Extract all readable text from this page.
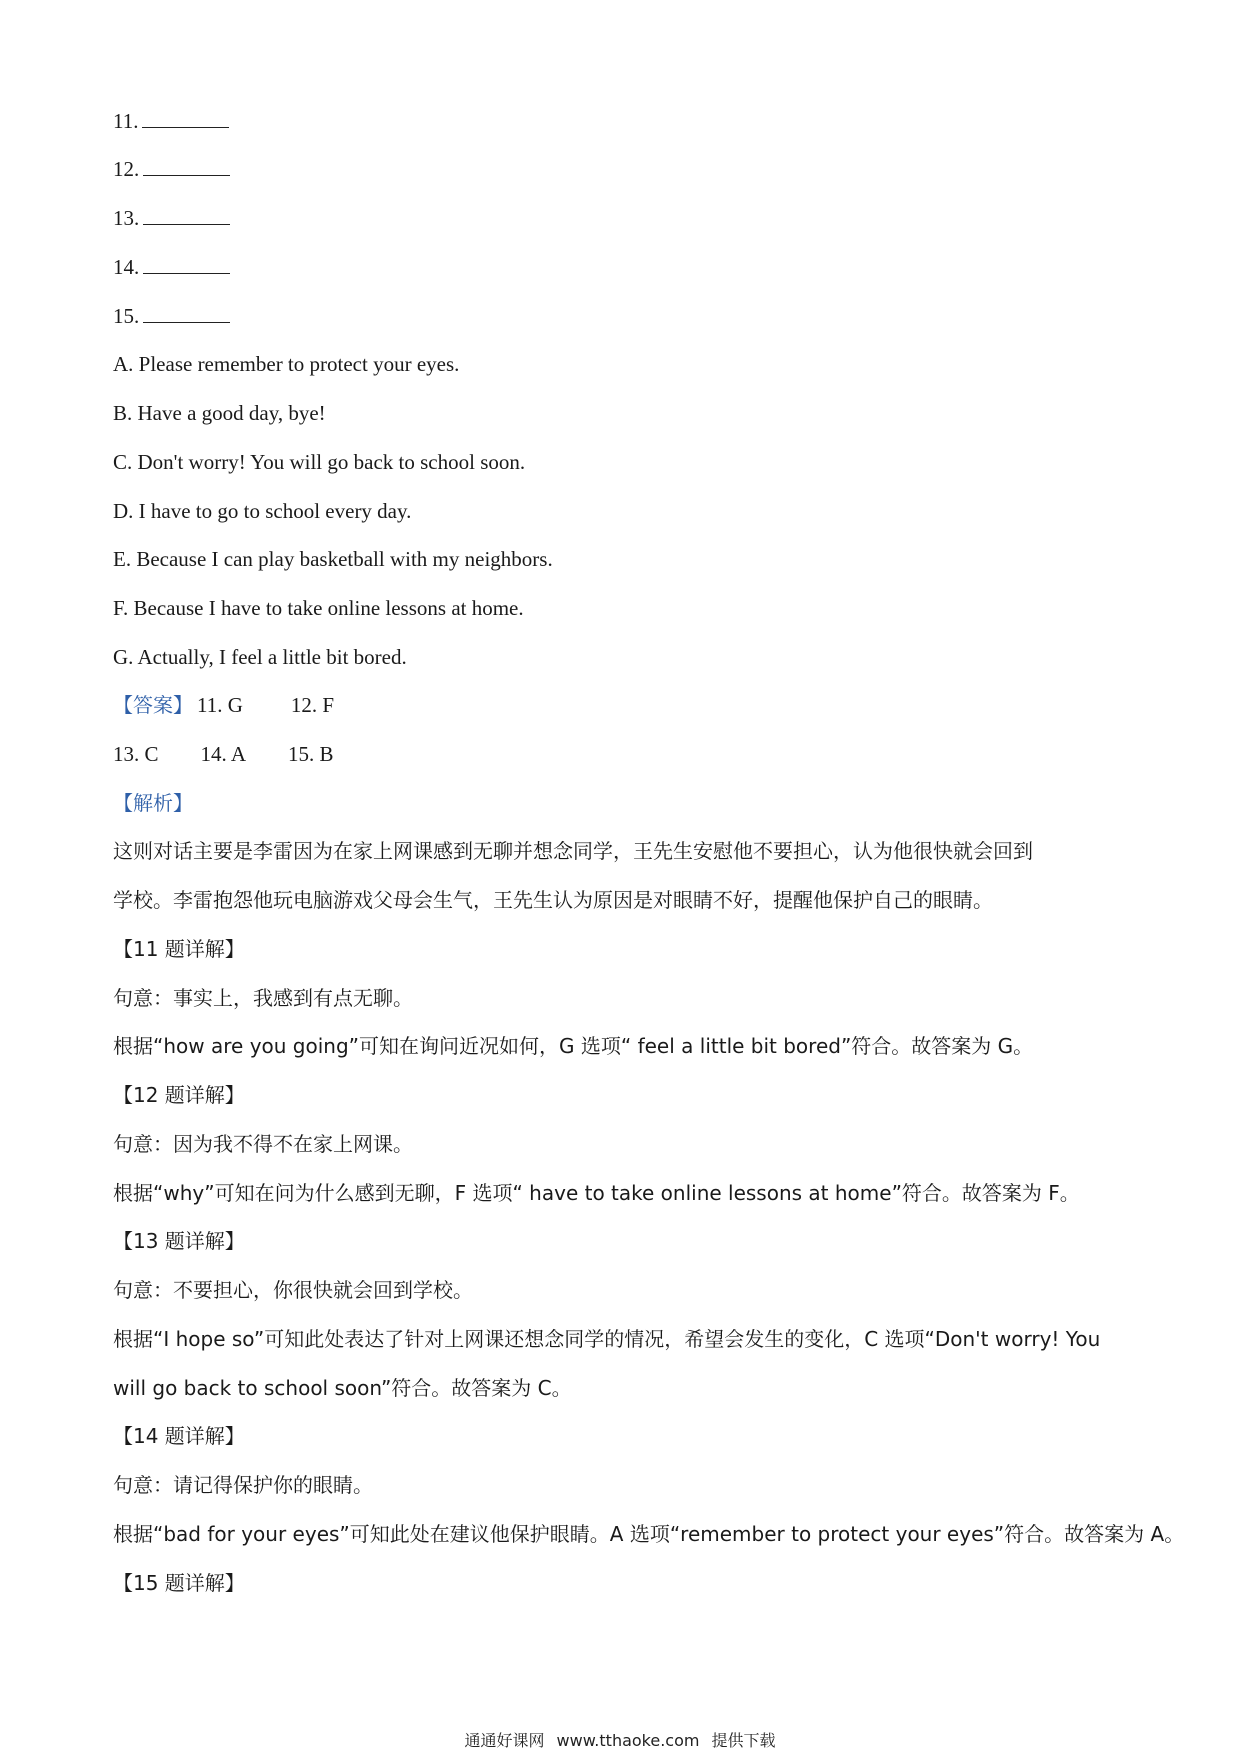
11.
12.
13.
14.
15.
A. Please remember to protect your eyes.
B. Have a good day, bye!
C. Don't worry! You will go back to school soon.
D. I have to go to school every day.
E. Because I can play basketball with my neighbors.
F. Because I have to take online lessons at home.
G. Actually, I feel a little bit bored.
【答案】 11. G 12. F
13. C 14. A 15. B
【解析】
这则对话主要是李雷因为在家上网课感到无聊并想念同学，王先生安慰他不要担心，认为他很快就会回到
学校。李雷抱怨他玩电脑游戏父母会生气，王先生认为原因是对眼睛不好，提醒他保护自己的眼睛。
【11 题详解】
句意：事实上，我感到有点无聊。
根据“how are you going”可知在询问近况如何，G 选项“ feel a little bit bored”符合。故答案为 G。
【12 题详解】
句意：因为我不得不在家上网课。
根据“why”可知在问为什么感到无聊，F 选项“ have to take online lessons at home”符合。故答案为 F。
【13 题详解】
句意：不要担心，你很快就会回到学校。
根据“I hope so”可知此处表达了针对上网课还想念同学的情况，希望会发生的变化，C 选项“Don't worry! You
will go back to school soon”符合。故答案为 C。
【14 题详解】
句意：请记得保护你的眼睛。
根据“bad for your eyes”可知此处在建议他保护眼睛。A 选项“remember to protect your eyes”符合。故答案为 A。
【15 题详解】
通通好课网 www.tthaoke.com 提供下载
